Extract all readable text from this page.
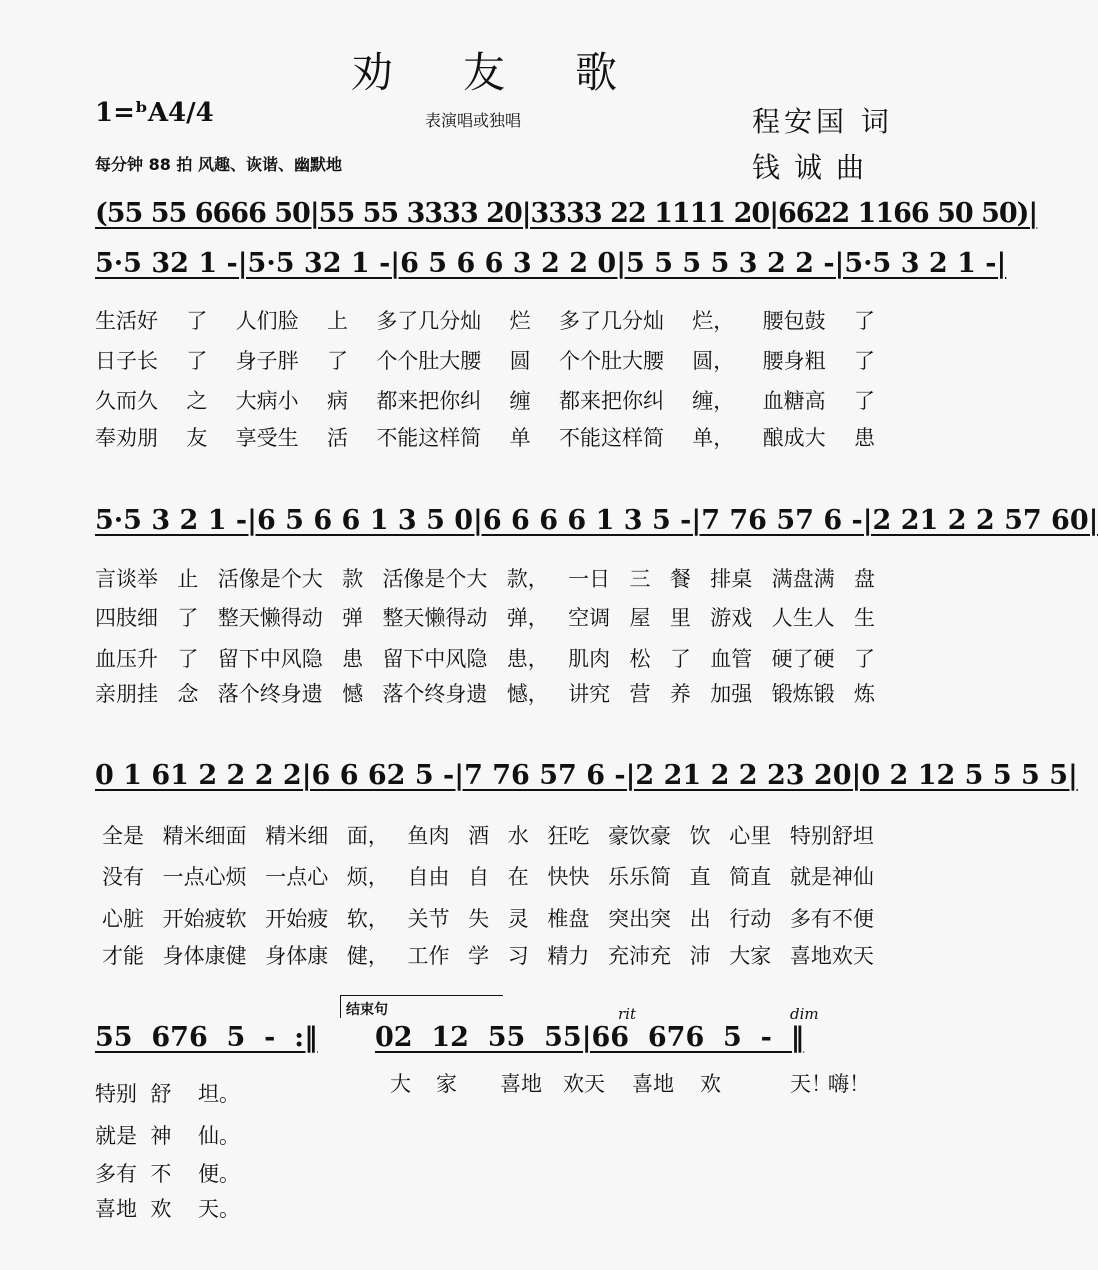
劝友歌
1=ᵇA4/4	表演唱或独唱	程安国 词
钱诚曲
每分钟 88 拍 风趣、诙谐、幽默地
(55 55 6666 50|55 55 3333 20|3333 22 1111 20|6622 1166 50 50)|
5·5 32 1 -|5·5 32 1 -|6 5 6 6 3 2 2 0|5 5 5 5 3 2 2 -|5·5 3 2 1 -|
生活好 了 人们脸 上 多了几分灿 烂 多了几分灿 烂， 腰包鼓 了
日子长 了 身子胖 了 个个肚大腰 圆 个个肚大腰 圆， 腰身粗 了
久而久 之 大病小 病 都来把你纠 缠 都来把你纠 缠， 血糖高 了
奉劝朋 友 享受生 活 不能这样简 单 不能这样简 单， 酿成大 患
5·5 3 2 1 -|6 5 6 6 1 3 5 0|6 6 6 6 1 3 5 -|7 76 57 6 -|2 21 2 2 57 60|
言谈举 止 活像是个大 款 活像是个大 款， 一日 三 餐 排桌 满盘满 盘
四肢细 了 整天懒得动 弹 整天懒得动 弹， 空调 屋 里 游戏 人生人 生
血压升 了 留下中风隐 患 留下中风隐 患， 肌肉 松 了 血管 硬了硬 了
亲朋挂 念 落个终身遗 憾 落个终身遗 憾， 讲究 营 养 加强 锻炼锻 炼
0 1 61 2 2 2 2|6 6 62 5 -|7 76 57 6 -|2 21 2 2 23 20|0 2 12 5 5 5 5|
全是 精米细面 精米细 面， 鱼肉 酒 水 狂吃 豪饮豪 饮 心里 特别舒坦
没有 一点心烦 一点心 烦， 自由 自 在 快快 乐乐简 直 简直 就是神仙
心脏 开始疲软 开始疲 软， 关节 失 灵 椎盘 突出突 出 行动 多有不便
才能 身体康健 身体康 健， 工作 学 习 精力 充沛充 沛 大家 喜地欢天
结束句	rit	dim
55  676  5  -  :‖ 02  12  55  55|66  676  5  -  ‖
特别  舒    坦。
就是  神    仙。
多有  不    便。
喜地  欢    天。
大 家 喜地 欢天 喜地 欢	天！
嗨！
